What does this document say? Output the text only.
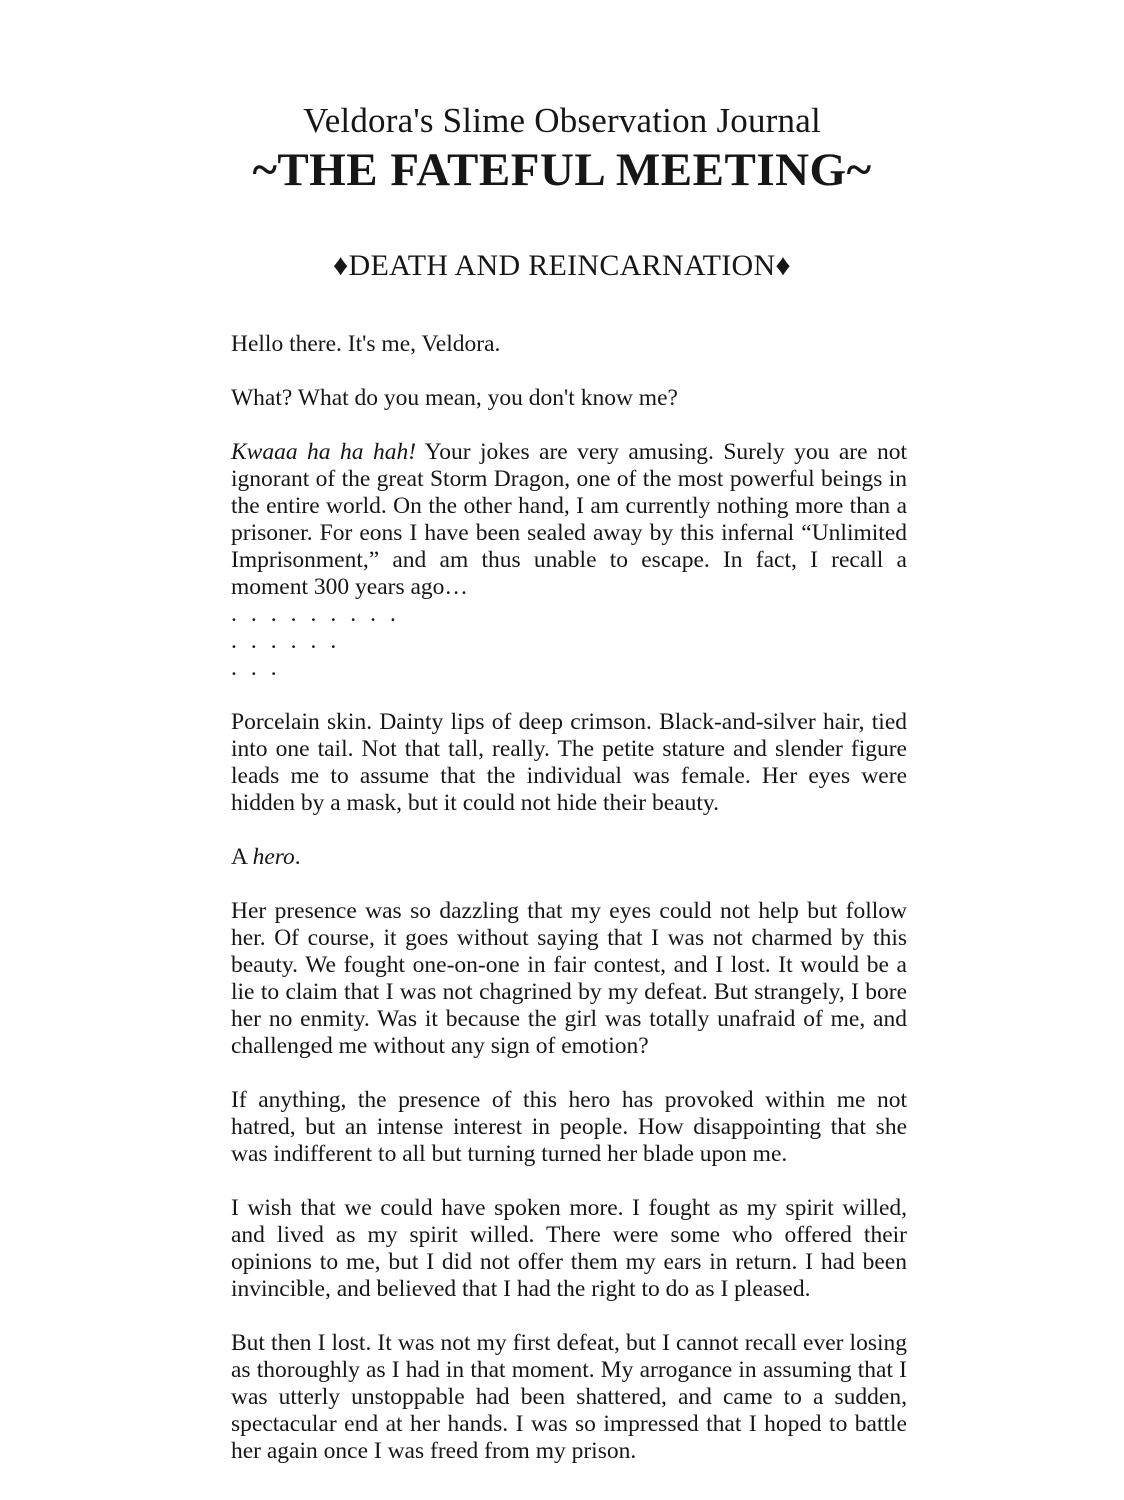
Veldora's Slime Observation Journal
~THE FATEFUL MEETING~
♦DEATH AND REINCARNATION♦

Hello there. It's me, Veldora.

What? What do you mean, you don't know me?

Kwaaa ha ha hah! Your jokes are very amusing. Surely you are not ignorant of the great Storm Dragon, one of the most powerful beings in the entire world. On the other hand, I am currently nothing more than a prisoner. For eons I have been sealed away by this infernal “Unlimited Imprisonment,” and am thus unable to escape. In fact, I recall a moment 300 years ago…

.........
......
...

Porcelain skin. Dainty lips of deep crimson. Black-and-silver hair, tied into one tail. Not that tall, really. The petite stature and slender figure leads me to assume that the individual was female. Her eyes were hidden by a mask, but it could not hide their beauty.

A hero.

Her presence was so dazzling that my eyes could not help but follow her. Of course, it goes without saying that I was not charmed by this beauty. We fought one-on-one in fair contest, and I lost. It would be a lie to claim that I was not chagrined by my defeat. But strangely, I bore her no enmity. Was it because the girl was totally unafraid of me, and challenged me without any sign of emotion?

If anything, the presence of this hero has provoked within me not hatred, but an intense interest in people. How disappointing that she was indifferent to all but turning turned her blade upon me.

I wish that we could have spoken more. I fought as my spirit willed, and lived as my spirit willed. There were some who offered their opinions to me, but I did not offer them my ears in return. I had been invincible, and believed that I had the right to do as I pleased.

But then I lost. It was not my first defeat, but I cannot recall ever losing as thoroughly as I had in that moment. My arrogance in assuming that I was utterly unstoppable had been shattered, and came to a sudden, spectacular end at her hands. I was so impressed that I hoped to battle her again once I was freed from my prison.
